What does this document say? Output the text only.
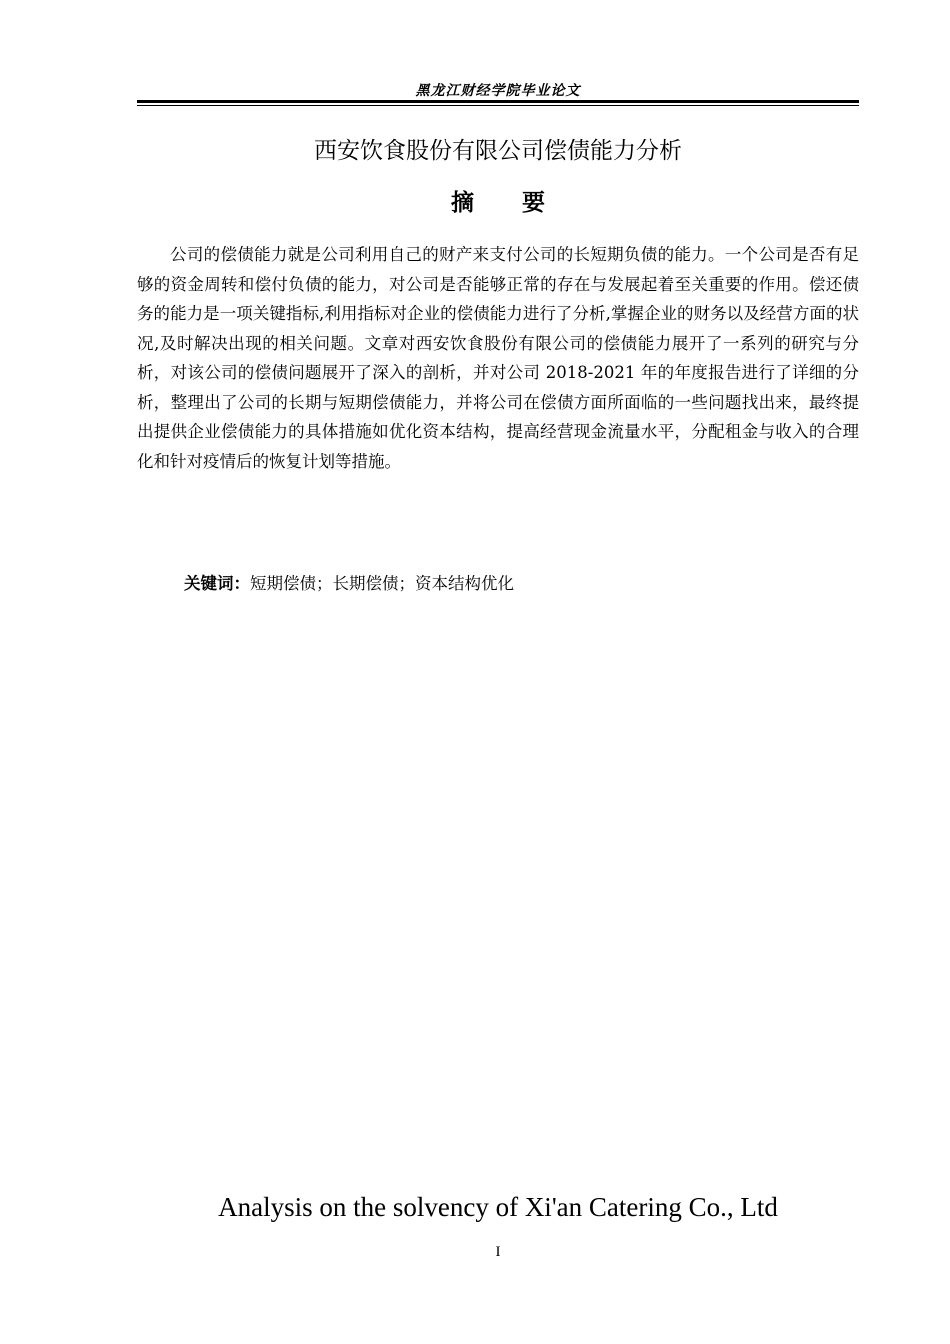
黑龙江财经学院毕业论文
西安饮食股份有限公司偿债能力分析
摘要

公司的偿债能力就是公司利用自己的财产来支付公司的长短期负债的能力。一个公司是否有足够的资金周转和偿付负债的能力，对公司是否能够正常的存在与发展起着至关重要的作用。偿还债务的能力是一项关键指标,利用指标对企业的偿债能力进行了分析,掌握企业的财务以及经营方面的状况,及时解决出现的相关问题。文章对西安饮食股份有限公司的偿债能力展开了一系列的研究与分析，对该公司的偿债问题展开了深入的剖析，并对公司 2018-2021 年的年度报告进行了详细的分析，整理出了公司的长期与短期偿债能力，并将公司在偿债方面所面临的一些问题找出来，最终提出提供企业偿债能力的具体措施如优化资本结构，提高经营现金流量水平，分配租金与收入的合理化和针对疫情后的恢复计划等措施。

关键词：短期偿债；长期偿债；资本结构优化
Analysis on the solvency of Xi'an Catering Co., Ltd
I
